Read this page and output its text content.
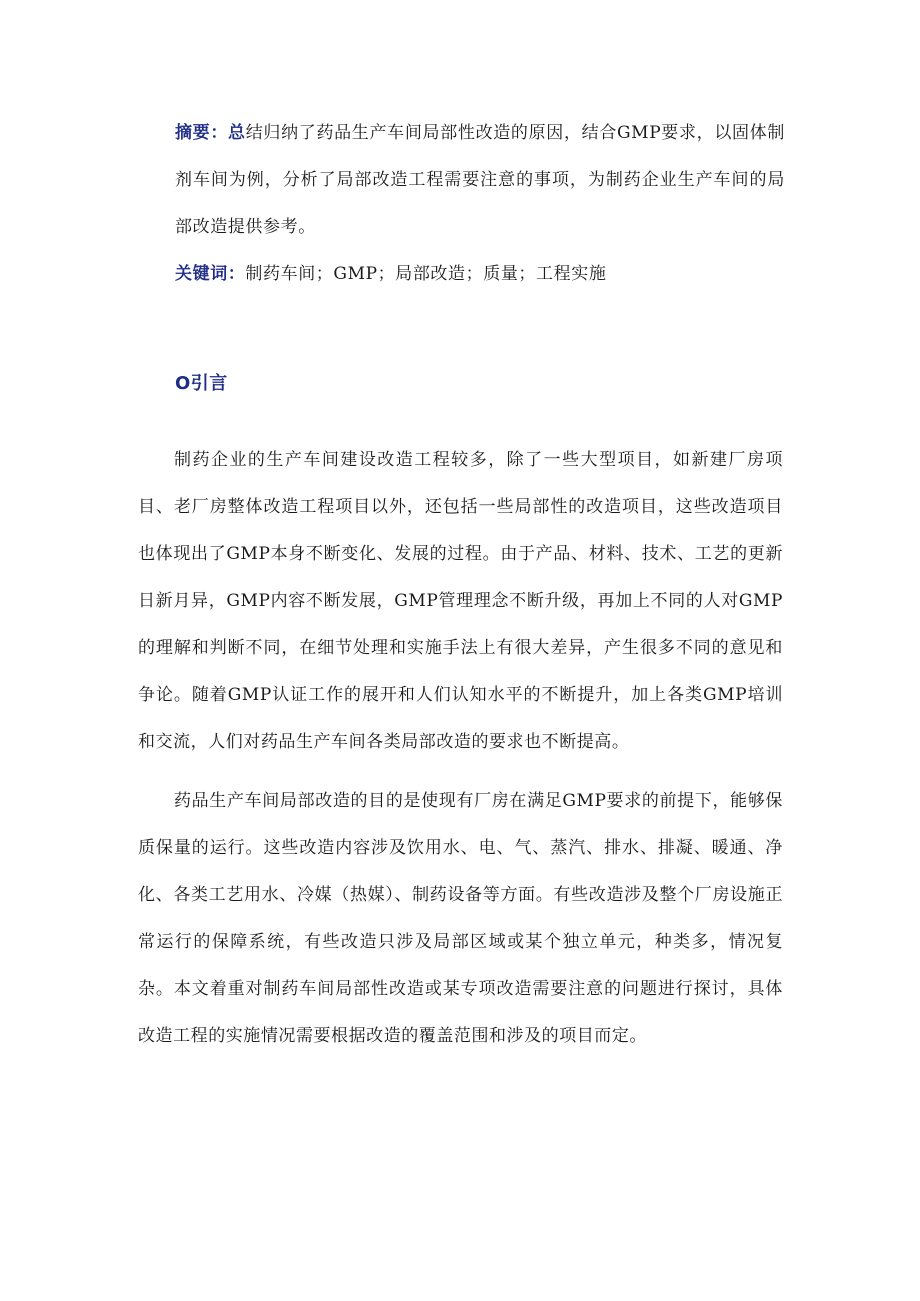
摘要：总结归纳了药品生产车间局部性改造的原因，结合GMP要求，以固体制剂车间为例，分析了局部改造工程需要注意的事项，为制药企业生产车间的局部改造提供参考。
关键词：制药车间；GMP；局部改造；质量；工程实施
O引言

制药企业的生产车间建设改造工程较多，除了一些大型项目，如新建厂房项目、老厂房整体改造工程项目以外，还包括一些局部性的改造项目，这些改造项目也体现出了GMP本身不断变化、发展的过程。由于产品、材料、技术、工艺的更新日新月异，GMP内容不断发展，GMP管理理念不断升级，再加上不同的人对GMP的理解和判断不同，在细节处理和实施手法上有很大差异，产生很多不同的意见和争论。随着GMP认证工作的展开和人们认知水平的不断提升，加上各类GMP培训和交流，人们对药品生产车间各类局部改造的要求也不断提高。

药品生产车间局部改造的目的是使现有厂房在满足GMP要求的前提下，能够保质保量的运行。这些改造内容涉及饮用水、电、气、蒸汽、排水、排凝、暖通、净化、各类工艺用水、冷媒（热媒）、制药设备等方面。有些改造涉及整个厂房设施正常运行的保障系统，有些改造只涉及局部区域或某个独立单元，种类多，情况复杂。本文着重对制药车间局部性改造或某专项改造需要注意的问题进行探讨，具体改造工程的实施情况需要根据改造的覆盖范围和涉及的项目而定。
